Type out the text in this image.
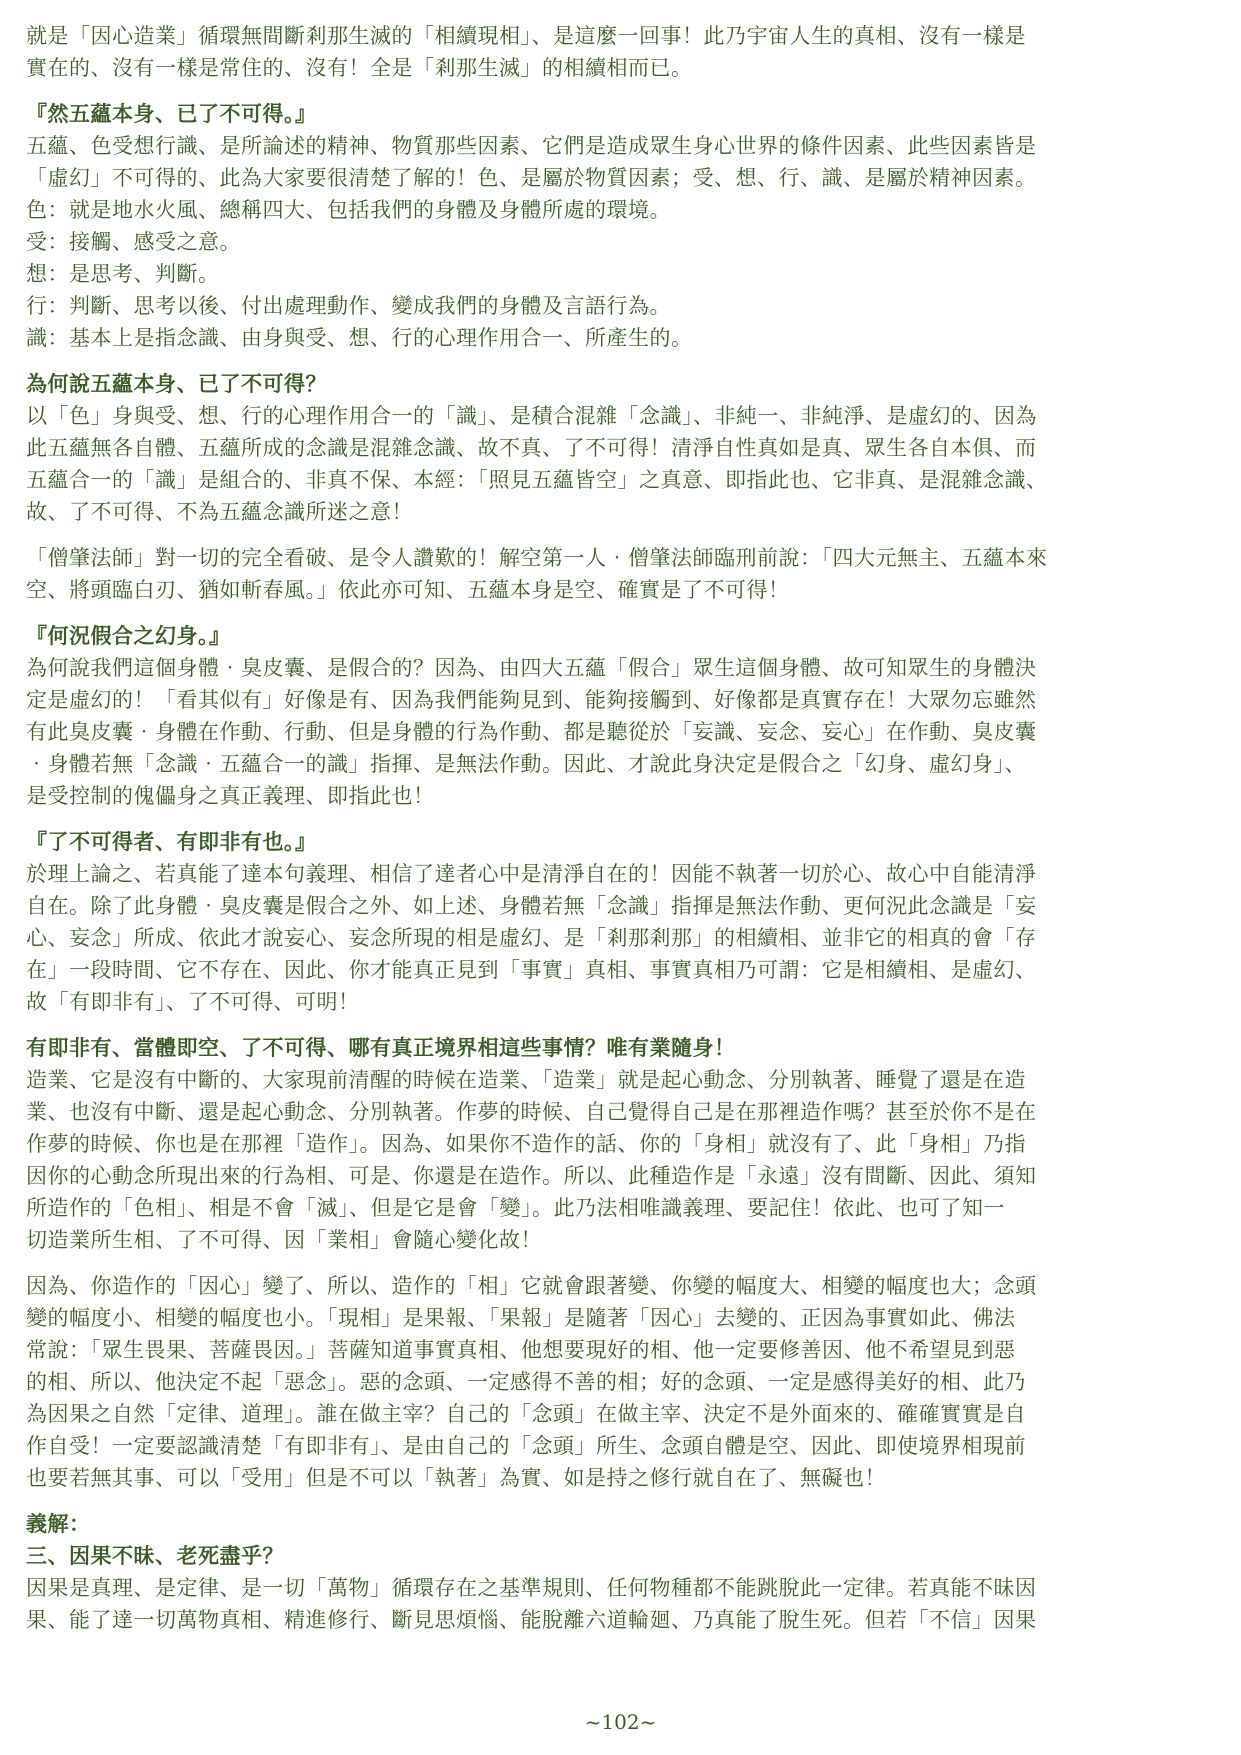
就是「因心造業」循環無間斷剎那生滅的「相續現相」、是這麼一回事！此乃宇宙人生的真相、沒有一樣是
實在的、沒有一樣是常住的、沒有！全是「剎那生滅」的相續相而已。
『然五蘊本身、已了不可得。』
五蘊、色受想行識、是所論述的精神、物質那些因素、它們是造成眾生身心世界的條件因素、此些因素皆是
「虛幻」不可得的、此為大家要很清楚了解的！色、是屬於物質因素；受、想、行、識、是屬於精神因素。
色：就是地水火風、總稱四大、包括我們的身體及身體所處的環境。
受：接觸、感受之意。
想：是思考、判斷。
行：判斷、思考以後、付出處理動作、變成我們的身體及言語行為。
識：基本上是指念識、由身與受、想、行的心理作用合一、所產生的。
為何說五蘊本身、已了不可得？
以「色」身與受、想、行的心理作用合一的「識」、是積合混雜「念識」、非純一、非純淨、是虛幻的、因為
此五蘊無各自體、五蘊所成的念識是混雜念識、故不真、了不可得！清淨自性真如是真、眾生各自本俱、而
五蘊合一的「識」是組合的、非真不保、本經：「照見五蘊皆空」之真意、即指此也、它非真、是混雜念識、
故、了不可得、不為五蘊念識所迷之意！
「僧肇法師」對一切的完全看破、是令人讚歎的！解空第一人‧僧肇法師臨刑前說：「四大元無主、五蘊本來
空、將頭臨白刃、猶如斬春風。」依此亦可知、五蘊本身是空、確實是了不可得！
『何況假合之幻身。』
為何說我們這個身體‧臭皮囊、是假合的？因為、由四大五蘊「假合」眾生這個身體、故可知眾生的身體決
定是虛幻的！「看其似有」好像是有、因為我們能夠見到、能夠接觸到、好像都是真實存在！大眾勿忘雖然
有此臭皮囊‧身體在作動、行動、但是身體的行為作動、都是聽從於「妄識、妄念、妄心」在作動、臭皮囊
‧身體若無「念識‧五蘊合一的識」指揮、是無法作動。因此、才說此身決定是假合之「幻身、虛幻身」、
是受控制的傀儡身之真正義理、即指此也！
『了不可得者、有即非有也。』
於理上論之、若真能了達本句義理、相信了達者心中是清淨自在的！因能不執著一切於心、故心中自能清淨
自在。除了此身體‧臭皮囊是假合之外、如上述、身體若無「念識」指揮是無法作動、更何況此念識是「妄
心、妄念」所成、依此才說妄心、妄念所現的相是虛幻、是「剎那剎那」的相續相、並非它的相真的會「存
在」一段時間、它不存在、因此、你才能真正見到「事實」真相、事實真相乃可謂：它是相續相、是虛幻、
故「有即非有」、了不可得、可明！
有即非有、當體即空、了不可得、哪有真正境界相這些事情？唯有業隨身！
造業、它是沒有中斷的、大家現前清醒的時候在造業、「造業」就是起心動念、分別執著、睡覺了還是在造
業、也沒有中斷、還是起心動念、分別執著。作夢的時候、自己覺得自己是在那裡造作嗎？甚至於你不是在
作夢的時候、你也是在那裡「造作」。因為、如果你不造作的話、你的「身相」就沒有了、此「身相」乃指
因你的心動念所現出來的行為相、可是、你還是在造作。所以、此種造作是「永遠」沒有間斷、因此、須知
所造作的「色相」、相是不會「滅」、但是它是會「變」。此乃法相唯識義理、要記住！依此、也可了知一
切造業所生相、了不可得、因「業相」會隨心變化故！
因為、你造作的「因心」變了、所以、造作的「相」它就會跟著變、你變的幅度大、相變的幅度也大；念頭
變的幅度小、相變的幅度也小。「現相」是果報、「果報」是隨著「因心」去變的、正因為事實如此、佛法
常說：「眾生畏果、菩薩畏因。」菩薩知道事實真相、他想要現好的相、他一定要修善因、他不希望見到惡
的相、所以、他決定不起「惡念」。惡的念頭、一定感得不善的相；好的念頭、一定是感得美好的相、此乃
為因果之自然「定律、道理」。誰在做主宰？自己的「念頭」在做主宰、決定不是外面來的、確確實實是自
作自受！一定要認識清楚「有即非有」、是由自己的「念頭」所生、念頭自體是空、因此、即使境界相現前
也要若無其事、可以「受用」但是不可以「執著」為實、如是持之修行就自在了、無礙也！
義解：
三、因果不昧、老死盡乎？
因果是真理、是定律、是一切「萬物」循環存在之基準規則、任何物種都不能跳脫此一定律。若真能不昧因
果、能了達一切萬物真相、精進修行、斷見思煩惱、能脫離六道輪廻、乃真能了脫生死。但若「不信」因果
~102~
